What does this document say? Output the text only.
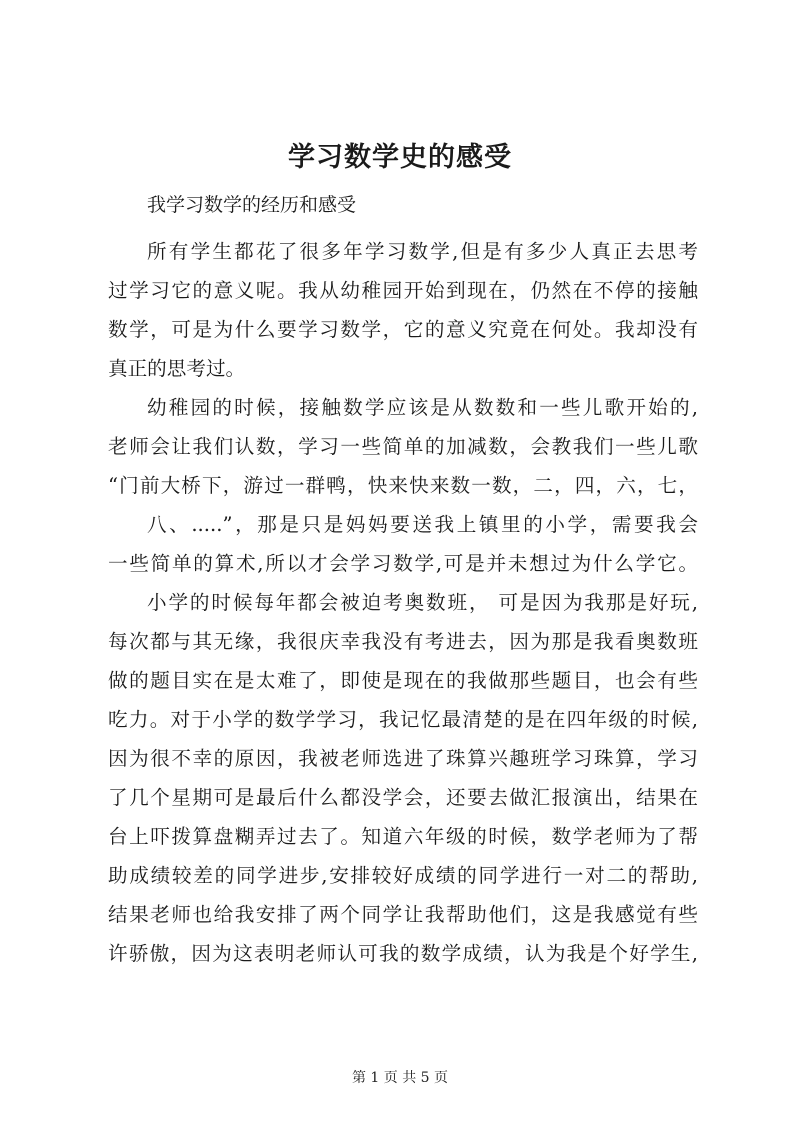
学习数学史的感受
我学习数学的经历和感受
所有学生都花了很多年学习数学,但是有多少人真正去思考
过学习它的意义呢。我从幼稚园开始到现在，仍然在不停的接触
数学，可是为什么要学习数学，它的意义究竟在何处。我却没有
真正的思考过。
幼稚园的时候，接触数学应该是从数数和一些儿歌开始的,
老师会让我们认数，学习一些简单的加减数，会教我们一些儿歌
“门前大桥下，游过一群鸭，快来快来数一数，二，四，六，七，
八、.....”，那是只是妈妈要送我上镇里的小学，需要我会
一些简单的算术,所以才会学习数学,可是并未想过为什么学它。
小学的时候每年都会被迫考奥数班， 可是因为我那是好玩,
每次都与其无缘，我很庆幸我没有考进去，因为那是我看奥数班
做的题目实在是太难了，即使是现在的我做那些题目，也会有些
吃力。对于小学的数学学习，我记忆最清楚的是在四年级的时候,
因为很不幸的原因，我被老师选进了珠算兴趣班学习珠算，学习
了几个星期可是最后什么都没学会，还要去做汇报演出，结果在
台上吓拨算盘糊弄过去了。知道六年级的时候，数学老师为了帮
助成绩较差的同学进步,安排较好成绩的同学进行一对二的帮助,
结果老师也给我安排了两个同学让我帮助他们，这是我感觉有些
许骄傲，因为这表明老师认可我的数学成绩，认为我是个好学生,
第 1 页 共 5 页
